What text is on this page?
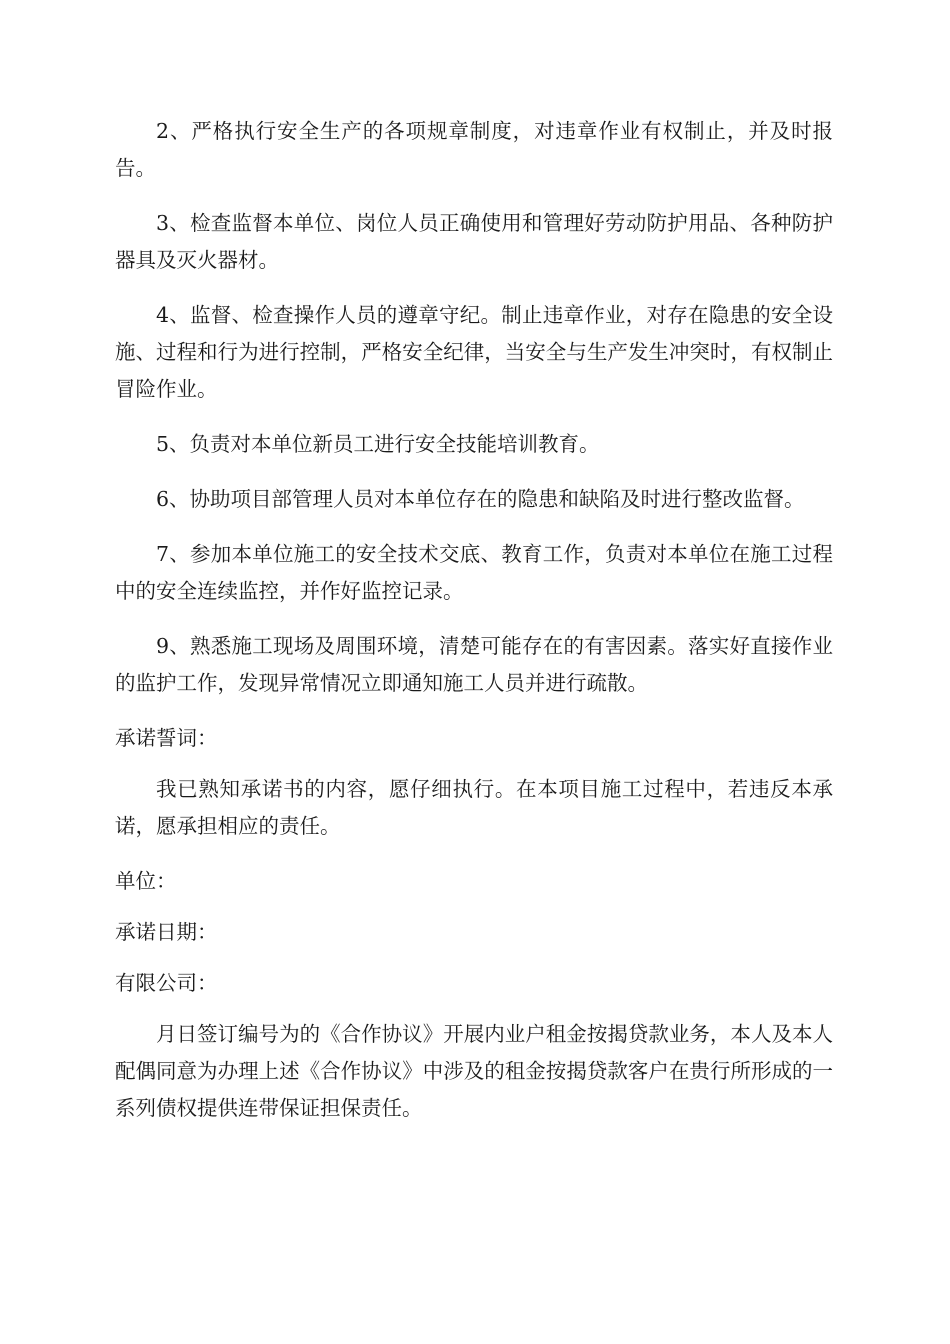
2、严格执行安全生产的各项规章制度，对违章作业有权制止，并及时报告。

3、检查监督本单位、岗位人员正确使用和管理好劳动防护用品、各种防护器具及灭火器材。

4、监督、检查操作人员的遵章守纪。制止违章作业，对存在隐患的安全设施、过程和行为进行控制，严格安全纪律，当安全与生产发生冲突时，有权制止冒险作业。

5、负责对本单位新员工进行安全技能培训教育。

6、协助项目部管理人员对本单位存在的隐患和缺陷及时进行整改监督。

7、参加本单位施工的安全技术交底、教育工作，负责对本单位在施工过程中的安全连续监控，并作好监控记录。

9、熟悉施工现场及周围环境，清楚可能存在的有害因素。落实好直接作业的监护工作，发现异常情况立即通知施工人员并进行疏散。

承诺誓词：

我已熟知承诺书的内容，愿仔细执行。在本项目施工过程中，若违反本承诺，愿承担相应的责任。

单位：

承诺日期：

有限公司：

月日签订编号为的《合作协议》开展内业户租金按揭贷款业务，本人及本人配偶同意为办理上述《合作协议》中涉及的租金按揭贷款客户在贵行所形成的一系列债权提供连带保证担保责任。
